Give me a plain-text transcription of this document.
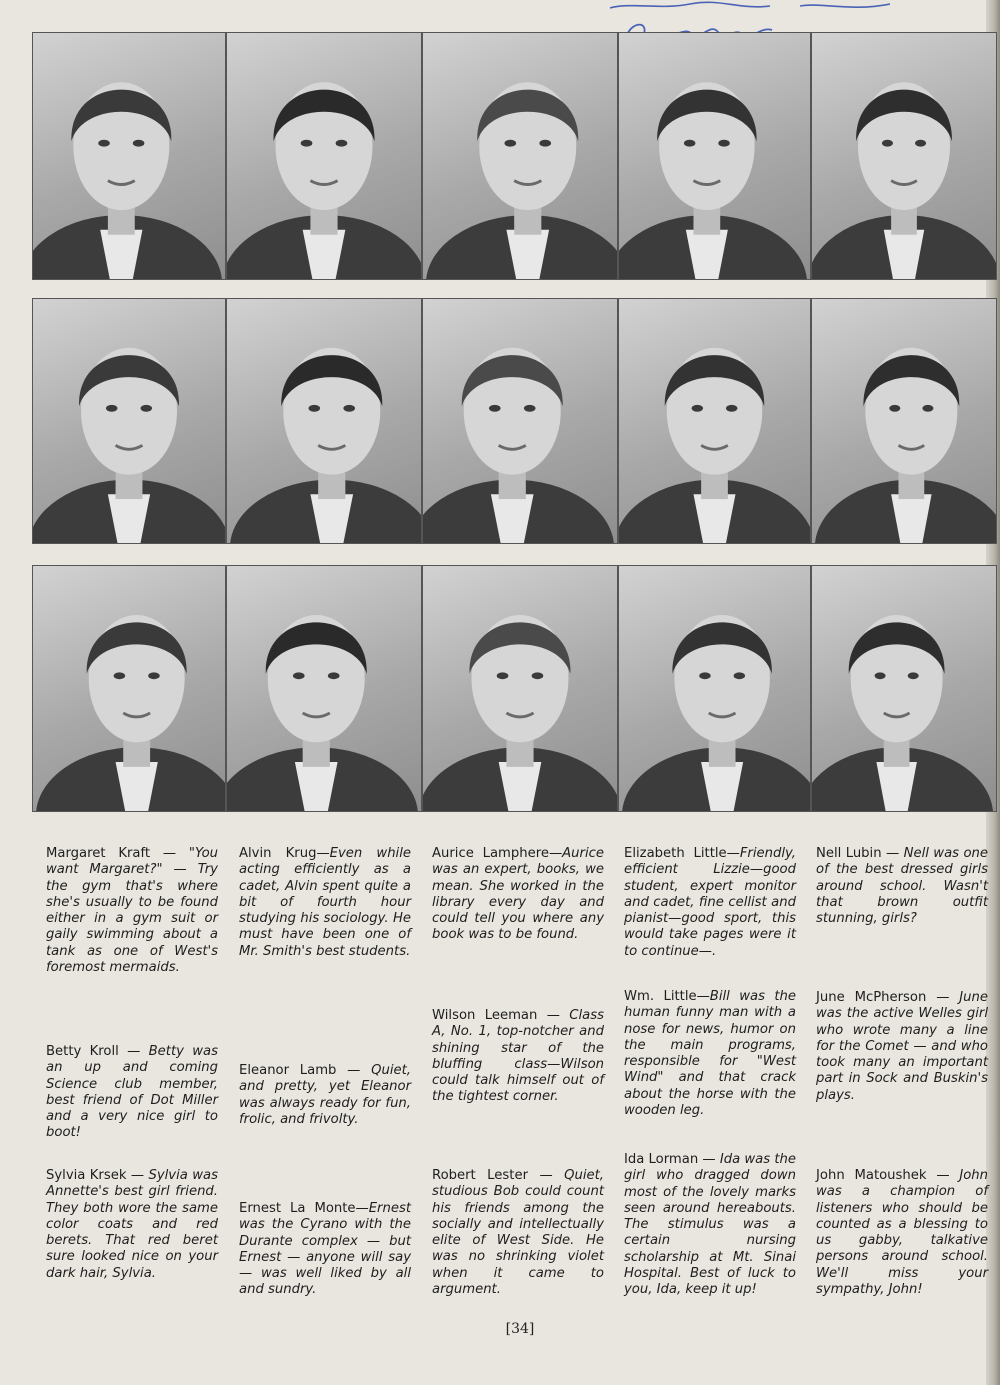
Margaret Kraft — "You want Margaret?" — Try the gym that's where she's usually to be found either in a gym suit or gaily swimming about a tank as one of West's foremost mermaids.
Alvin Krug—Even while acting efficiently as a cadet, Alvin spent quite a bit of fourth hour studying his sociology. He must have been one of Mr. Smith's best students.
Aurice Lamphere—Aurice was an expert, books, we mean. She worked in the library every day and could tell you where any book was to be found.
Elizabeth Little—Friendly, efficient Lizzie—good student, expert monitor and cadet, fine cellist and pianist—good sport, this would take pages were it to continue—.
Nell Lubin — Nell was one of the best dressed girls around school. Wasn't that brown outfit stunning, girls?
Betty Kroll — Betty was an up and coming Science club member, best friend of Dot Miller and a very nice girl to boot!
Eleanor Lamb — Quiet, and pretty, yet Eleanor was always ready for fun, frolic, and frivolty.
Wilson Leeman — Class A, No. 1, top-notcher and shining star of the bluffing class—Wilson could talk himself out of the tightest corner.
Wm. Little—Bill was the human funny man with a nose for news, humor on the main programs, responsible for "West Wind" and that crack about the horse with the wooden leg.
June McPherson — June was the active Welles girl who wrote many a line for the Comet — and who took many an important part in Sock and Buskin's plays.
Sylvia Krsek — Sylvia was Annette's best girl friend. They both wore the same color coats and red berets. That red beret sure looked nice on your dark hair, Sylvia.
Ernest La Monte—Ernest was the Cyrano with the Durante complex — but Ernest — anyone will say — was well liked by all and sundry.
Robert Lester — Quiet, studious Bob could count his friends among the socially and intellectually elite of West Side. He was no shrinking violet when it came to argument.
Ida Lorman — Ida was the girl who dragged down most of the lovely marks seen around hereabouts. The stimulus was a certain nursing scholarship at Mt. Sinai Hospital. Best of luck to you, Ida, keep it up!
John Matoushek — John was a champion of listeners who should be counted as a blessing to us gabby, talkative persons around school. We'll miss your sympathy, John!
[34]
